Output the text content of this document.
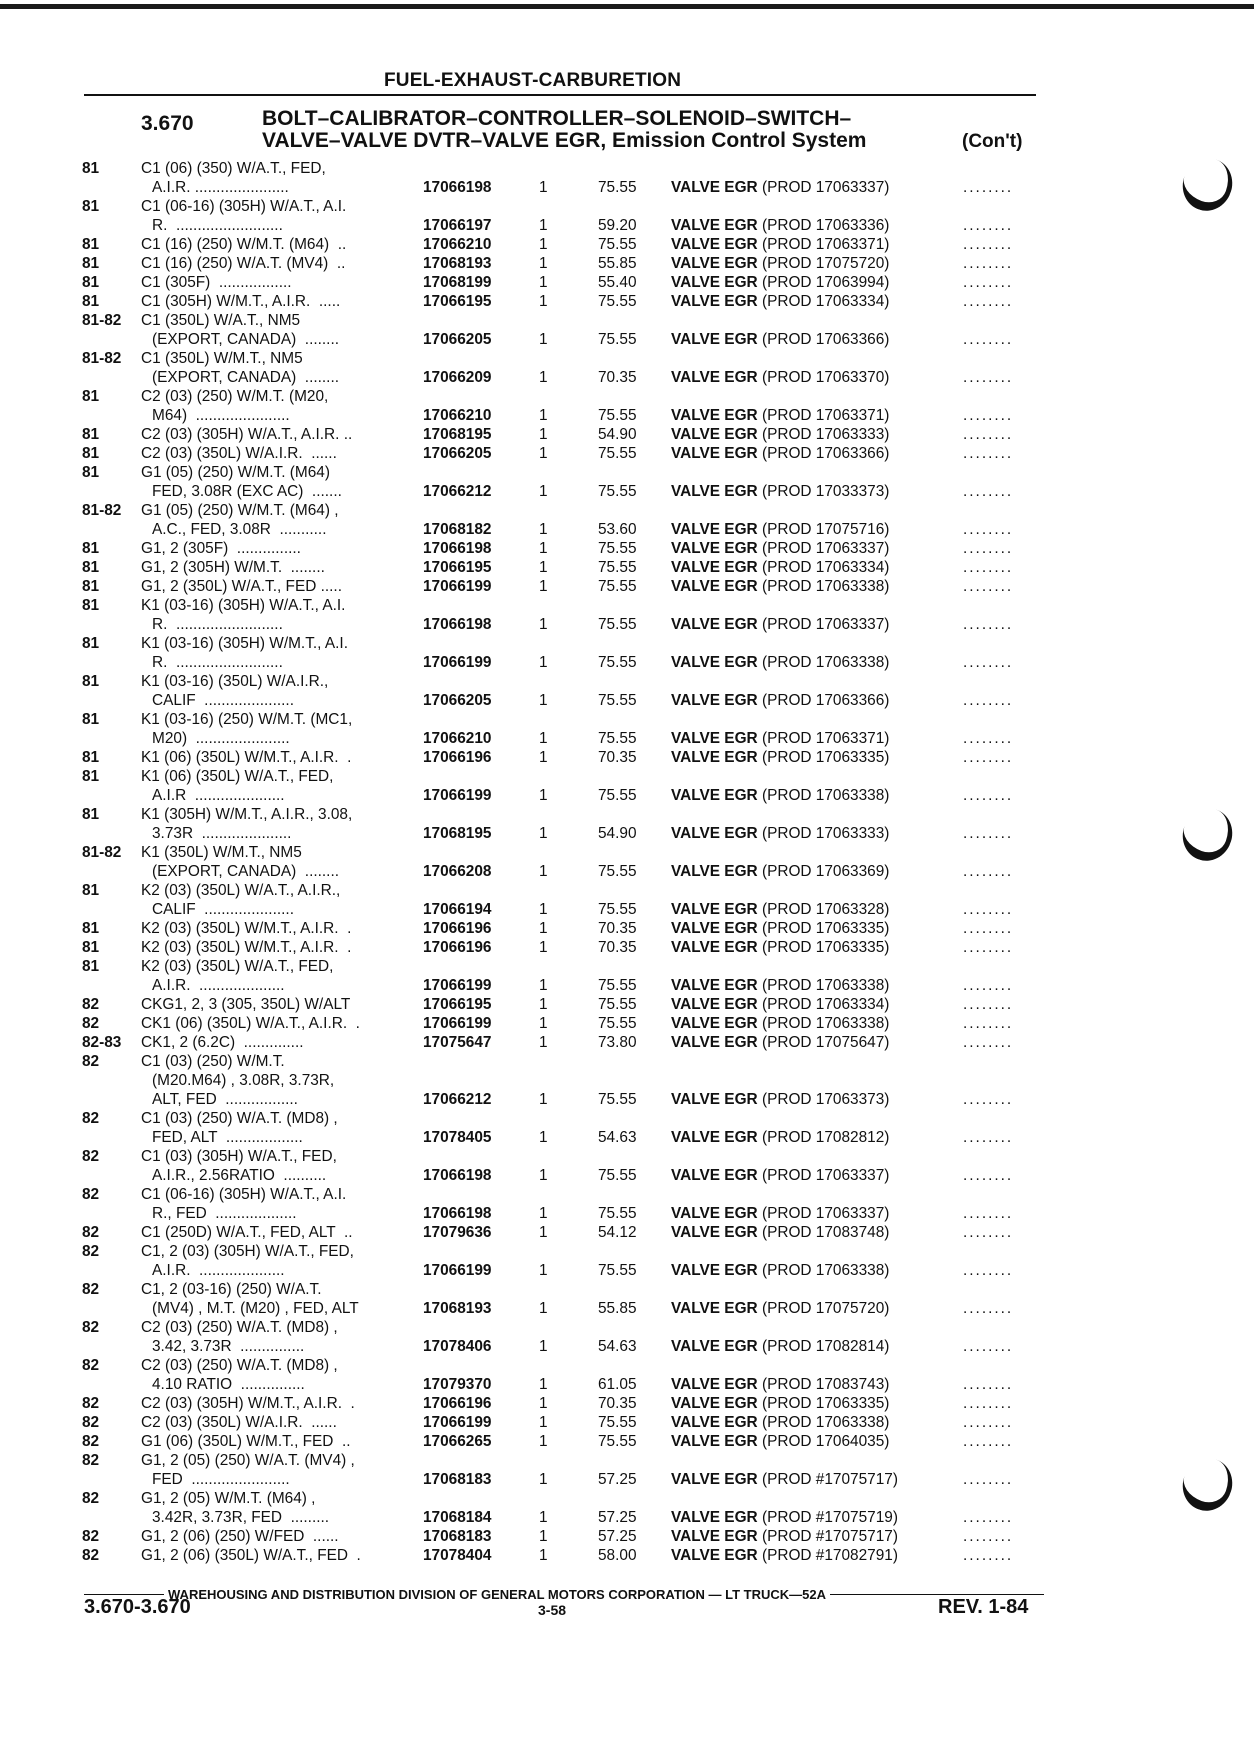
FUEL-EXHAUST-CARBURETION
3.670	BOLT–CALIBRATOR–CONTROLLER–SOLENOID–SWITCH–
VALVE–VALVE DVTR–VALVE EGR, Emission Control System	(Con't)
81	C1 (06) (350) W/A.T., FED,
A.I.R. ......................	17066198	1	75.55 VALVE EGR (PROD 17063337)	........
81	C1 (06-16) (305H) W/A.T., A.I.
R.  .........................	17066197	1	59.20 VALVE EGR (PROD 17063336)	........
81	C1 (16) (250) W/M.T. (M64)  ..	17066210	1	75.55 VALVE EGR (PROD 17063371)	........
81	C1 (16) (250) W/A.T. (MV4)  ..	17068193	1	55.85 VALVE EGR (PROD 17075720)	........
81	C1 (305F)  .................	17068199	1	55.40 VALVE EGR (PROD 17063994)	........
81	C1 (305H) W/M.T., A.I.R.  .....	17066195	1	75.55 VALVE EGR (PROD 17063334)	........
81-82 C1 (350L) W/A.T., NM5
(EXPORT, CANADA)  ........	17066205	1	75.55 VALVE EGR (PROD 17063366)	........
81-82 C1 (350L) W/M.T., NM5
(EXPORT, CANADA)  ........	17066209	1	70.35 VALVE EGR (PROD 17063370)	........
81	C2 (03) (250) W/M.T. (M20,
M64)  ......................	17066210	1	75.55 VALVE EGR (PROD 17063371)	........
81	C2 (03) (305H) W/A.T., A.I.R. ..	17068195	1	54.90 VALVE EGR (PROD 17063333)	........
81	C2 (03) (350L) W/A.I.R.  ......	17066205	1	75.55 VALVE EGR (PROD 17063366)	........
81	G1 (05) (250) W/M.T. (M64)
FED, 3.08R (EXC AC)  .......	17066212	1	75.55 VALVE EGR (PROD 17033373)	........
81-82 G1 (05) (250) W/M.T. (M64) ,
A.C., FED, 3.08R  ...........	17068182	1	53.60 VALVE EGR (PROD 17075716)	........
81	G1, 2 (305F)  ...............	17066198	1	75.55 VALVE EGR (PROD 17063337)	........
81	G1, 2 (305H) W/M.T.  ........	17066195	1	75.55 VALVE EGR (PROD 17063334)	........
81	G1, 2 (350L) W/A.T., FED .....	17066199	1	75.55 VALVE EGR (PROD 17063338)	........
81	K1 (03-16) (305H) W/A.T., A.I.
R.  .........................	17066198	1	75.55 VALVE EGR (PROD 17063337)	........
81	K1 (03-16) (305H) W/M.T., A.I.
R.  .........................	17066199	1	75.55 VALVE EGR (PROD 17063338)	........
81	K1 (03-16) (350L) W/A.I.R.,
CALIF  .....................	17066205	1	75.55 VALVE EGR (PROD 17063366)	........
81	K1 (03-16) (250) W/M.T. (MC1,
M20)  ......................	17066210	1	75.55 VALVE EGR (PROD 17063371)	........
81	K1 (06) (350L) W/M.T., A.I.R.  .	17066196	1	70.35 VALVE EGR (PROD 17063335)	........
81	K1 (06) (350L) W/A.T., FED,
A.I.R  .....................	17066199	1	75.55 VALVE EGR (PROD 17063338)	........
81	K1 (305H) W/M.T., A.I.R., 3.08,
3.73R  .....................	17068195	1	54.90 VALVE EGR (PROD 17063333)	........
81-82 K1 (350L) W/M.T., NM5
(EXPORT, CANADA)  ........	17066208	1	75.55 VALVE EGR (PROD 17063369)	........
81	K2 (03) (350L) W/A.T., A.I.R.,
CALIF  .....................	17066194	1	75.55 VALVE EGR (PROD 17063328)	........
81	K2 (03) (350L) W/M.T., A.I.R.  .	17066196	1	70.35 VALVE EGR (PROD 17063335)	........
81	K2 (03) (350L) W/M.T., A.I.R.  .	17066196	1	70.35 VALVE EGR (PROD 17063335)	........
81	K2 (03) (350L) W/A.T., FED,
A.I.R.  ....................	17066199	1	75.55 VALVE EGR (PROD 17063338)	........
82	CKG1, 2, 3 (305, 350L) W/ALT	17066195	1	75.55 VALVE EGR (PROD 17063334)	........
82	CK1 (06) (350L) W/A.T., A.I.R.  .	17066199	1	75.55 VALVE EGR (PROD 17063338)	........
82-83 CK1, 2 (6.2C)  ..............	17075647	1	73.80 VALVE EGR (PROD 17075647)	........
82	C1 (03) (250) W/M.T.
(M20.M64) , 3.08R, 3.73R,
ALT, FED  .................	17066212	1	75.55 VALVE EGR (PROD 17063373)	........
82	C1 (03) (250) W/A.T. (MD8) ,
FED, ALT  ..................	17078405	1	54.63 VALVE EGR (PROD 17082812)	........
82	C1 (03) (305H) W/A.T., FED,
A.I.R., 2.56RATIO  ..........	17066198	1	75.55 VALVE EGR (PROD 17063337)	........
82	C1 (06-16) (305H) W/A.T., A.I.
R., FED  ...................	17066198	1	75.55 VALVE EGR (PROD 17063337)	........
82	C1 (250D) W/A.T., FED, ALT  ..	17079636	1	54.12 VALVE EGR (PROD 17083748)	........
82	C1, 2 (03) (305H) W/A.T., FED,
A.I.R.  ....................	17066199	1	75.55 VALVE EGR (PROD 17063338)	........
82	C1, 2 (03-16) (250) W/A.T.
(MV4) , M.T. (M20) , FED, ALT	17068193	1	55.85 VALVE EGR (PROD 17075720)	........
82	C2 (03) (250) W/A.T. (MD8) ,
3.42, 3.73R  ...............	17078406	1	54.63 VALVE EGR (PROD 17082814)	........
82	C2 (03) (250) W/A.T. (MD8) ,
4.10 RATIO  ...............	17079370	1	61.05 VALVE EGR (PROD 17083743)	........
82	C2 (03) (305H) W/M.T., A.I.R.  .	17066196	1	70.35 VALVE EGR (PROD 17063335)	........
82	C2 (03) (350L) W/A.I.R.  ......	17066199	1	75.55 VALVE EGR (PROD 17063338)	........
82	G1 (06) (350L) W/M.T., FED  ..	17066265	1	75.55 VALVE EGR (PROD 17064035)	........
82	G1, 2 (05) (250) W/A.T. (MV4) ,
FED  .......................	17068183	1	57.25 VALVE EGR (PROD #17075717)	........
82	G1, 2 (05) W/M.T. (M64) ,
3.42R, 3.73R, FED  .........	17068184	1	57.25 VALVE EGR (PROD #17075719)	........
82	G1, 2 (06) (250) W/FED  ......	17068183	1	57.25 VALVE EGR (PROD #17075717)	........
82	G1, 2 (06) (350L) W/A.T., FED  .	17078404	1	58.00 VALVE EGR (PROD #17082791)	........
WAREHOUSING AND DISTRIBUTION DIVISION OF GENERAL MOTORS CORPORATION — LT TRUCK—52A
3.670-3.670	3-58	REV. 1-84
